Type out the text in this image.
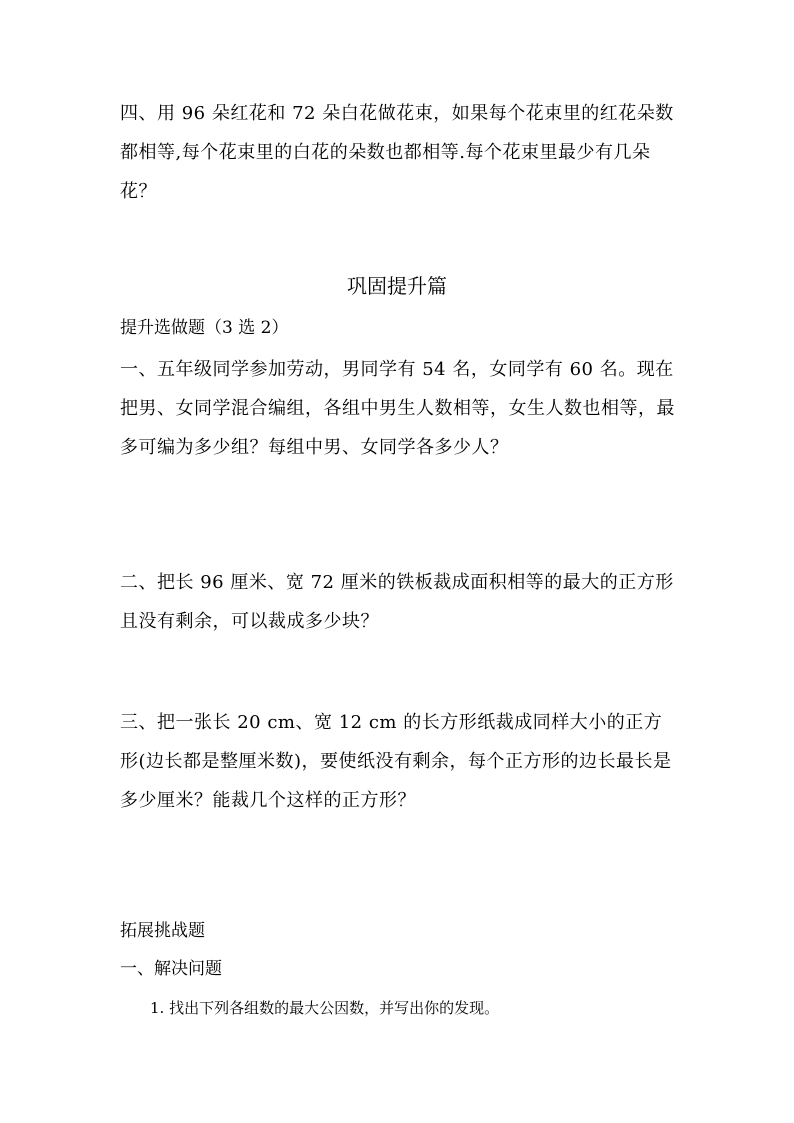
四、用 96 朵红花和 72 朵白花做花束，如果每个花束里的红花朵数都相等,每个花束里的白花的朵数也都相等.每个花束里最少有几朵花？

巩固提升篇

提升选做题（3 选 2）

一、五年级同学参加劳动，男同学有 54 名，女同学有 60 名。现在把男、女同学混合编组，各组中男生人数相等，女生人数也相等，最多可编为多少组？每组中男、女同学各多少人？

二、把长 96 厘米、宽 72 厘米的铁板裁成面积相等的最大的正方形且没有剩余，可以裁成多少块？

三、把一张长 20 cm、宽 12 cm 的长方形纸裁成同样大小的正方形(边长都是整厘米数)，要使纸没有剩余，每个正方形的边长最长是多少厘米？能裁几个这样的正方形？

拓展挑战题

一、解决问题

1. 找出下列各组数的最大公因数，并写出你的发现。
